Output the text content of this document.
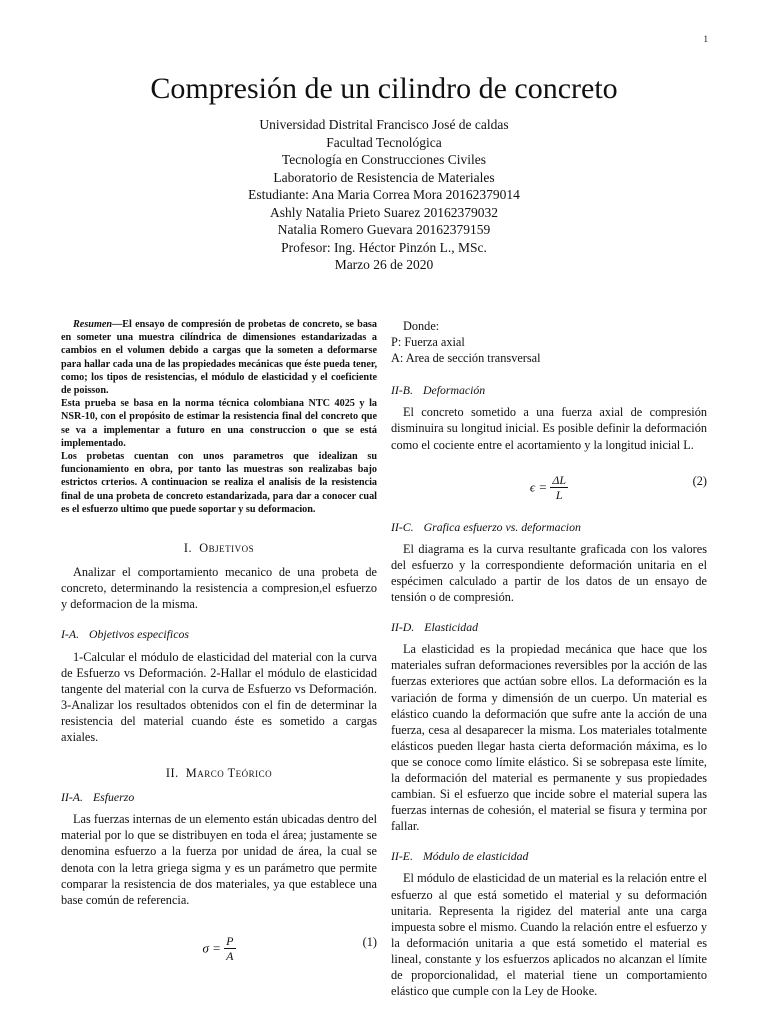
1
Compresión de un cilindro de concreto
Universidad Distrital Francisco José de caldas
Facultad Tecnológica
Tecnología en Construcciones Civiles
Laboratorio de Resistencia de Materiales
Estudiante: Ana Maria Correa Mora 20162379014
Ashly Natalia Prieto Suarez 20162379032
Natalia Romero Guevara 20162379159
Profesor: Ing. Héctor Pinzón L., MSc.
Marzo 26 de 2020

Resumen—El ensayo de compresión de probetas de concreto, se basa en someter una muestra cilíndrica de dimensiones estandarizadas a cambios en el volumen debido a cargas que la someten a deformarse para hallar cada una de las propiedades mecánicas que éste pueda tener, como; los tipos de resistencias, el módulo de elasticidad y el coeficiente de poisson.

Esta prueba se basa en la norma técnica colombiana NTC 4025 y la NSR-10, con el propósito de estimar la resistencia final del concreto que se va a implementar a futuro en una construccion o que se está implementado.

Los probetas cuentan con unos parametros que idealizan su funcionamiento en obra, por tanto las muestras son realizabas bajo estrictos crterios. A continuacion se realiza el analisis de la resistencia final de una probeta de concreto estandarizada, para dar a conocer cual es el esfuerzo ultimo que puede soportar y su deformacion.

I. Objetivos

Analizar el comportamiento mecanico de una probeta de concreto, determinando la resistencia a compresion,el esfuerzo y deformacion de la misma.

I-A. Objetivos especificos

1-Calcular el módulo de elasticidad del material con la curva de Esfuerzo vs Deformación. 2-Hallar el módulo de elasticidad tangente del material con la curva de Esfuerzo vs Deformación. 3-Analizar los resultados obtenidos con el fin de determinar la resistencia del material cuando éste es sometido a cargas axiales.

II. Marco Teórico
II-A. Esfuerzo

Las fuerzas internas de un elemento están ubicadas dentro del material por lo que se distribuyen en toda el área; justamente se denomina esfuerzo a la fuerza por unidad de área, la cual se denota con la letra griega sigma y es un parámetro que permite comparar la resistencia de dos materiales, ya que establece una base común de referencia.

$\sigma = \frac{P}{A}$	(1)

Donde:

P: Fuerza axial

A: Area de sección transversal

II-B. Deformación

El concreto sometido a una fuerza axial de compresión disminuira su longitud inicial. Es posible definir la deformación como el cociente entre el acortamiento y la longitud inicial L.

$\epsilon = \frac{\Delta L}{L}$	(2)
II-C. Grafica esfuerzo vs. deformacion

El diagrama es la curva resultante graficada con los valores del esfuerzo y la correspondiente deformación unitaria en el espécimen calculado a partir de los datos de un ensayo de tensión o de compresión.

II-D. Elasticidad

La elasticidad es la propiedad mecánica que hace que los materiales sufran deformaciones reversibles por la acción de las fuerzas exteriores que actúan sobre ellos. La deformación es la variación de forma y dimensión de un cuerpo. Un material es elástico cuando la deformación que sufre ante la acción de una fuerza, cesa al desaparecer la misma. Los materiales totalmente elásticos pueden llegar hasta cierta deformación máxima, es lo que se conoce como límite elástico. Si se sobrepasa este límite, la deformación del material es permanente y sus propiedades cambian. Si el esfuerzo que incide sobre el material supera las fuerzas internas de cohesión, el material se fisura y termina por fallar.

II-E. Módulo de elasticidad

El módulo de elasticidad de un material es la relación entre el esfuerzo al que está sometido el material y su deformación unitaria. Representa la rigidez del material ante una carga impuesta sobre el mismo. Cuando la relación entre el esfuerzo y la deformación unitaria a que está sometido el material es lineal, constante y los esfuerzos aplicados no alcanzan el límite de proporcionalidad, el material tiene un comportamiento elástico que cumple con la Ley de Hooke.
